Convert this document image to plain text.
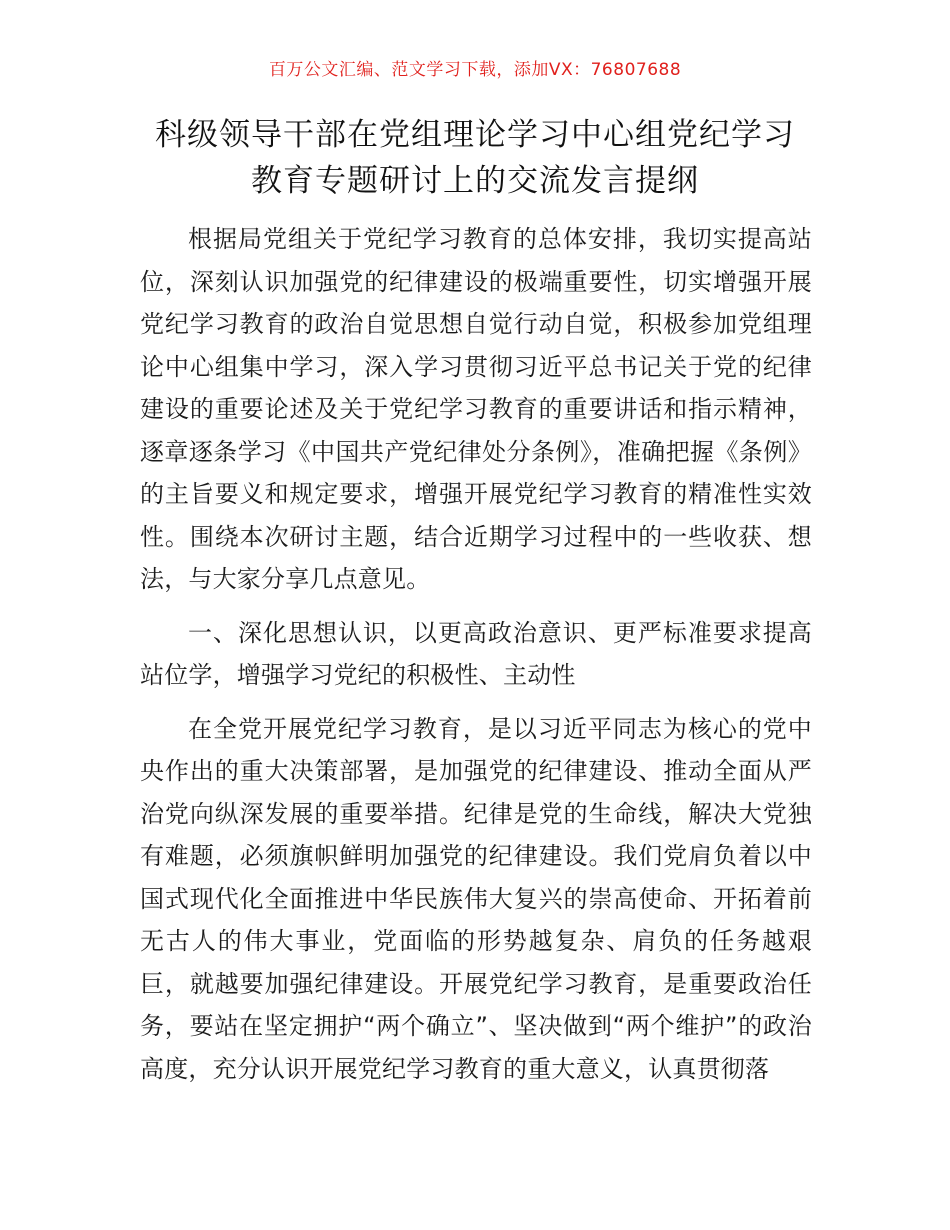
百万公文汇编、范文学习下载，添加VX：76807688
科级领导干部在党组理论学习中心组党纪学习
教育专题研讨上的交流发言提纲

根据局党组关于党纪学习教育的总体安排，我切实提高站位，深刻认识加强党的纪律建设的极端重要性，切实增强开展党纪学习教育的政治自觉思想自觉行动自觉，积极参加党组理论中心组集中学习，深入学习贯彻习近平总书记关于党的纪律建设的重要论述及关于党纪学习教育的重要讲话和指示精神，逐章逐条学习《中国共产党纪律处分条例》，准确把握《条例》的主旨要义和规定要求，增强开展党纪学习教育的精准性实效性。围绕本次研讨主题，结合近期学习过程中的一些收获、想法，与大家分享几点意见。

一、深化思想认识，以更高政治意识、更严标准要求提高站位学，增强学习党纪的积极性、主动性

在全党开展党纪学习教育，是以习近平同志为核心的党中央作出的重大决策部署，是加强党的纪律建设、推动全面从严治党向纵深发展的重要举措。纪律是党的生命线，解决大党独有难题，必须旗帜鲜明加强党的纪律建设。我们党肩负着以中国式现代化全面推进中华民族伟大复兴的崇高使命、开拓着前无古人的伟大事业，党面临的形势越复杂、肩负的任务越艰巨，就越要加强纪律建设。开展党纪学习教育，是重要政治任务，要站在坚定拥护“两个确立”、坚决做到“两个维护”的政治高度，充分认识开展党纪学习教育的重大意义，认真贯彻落
